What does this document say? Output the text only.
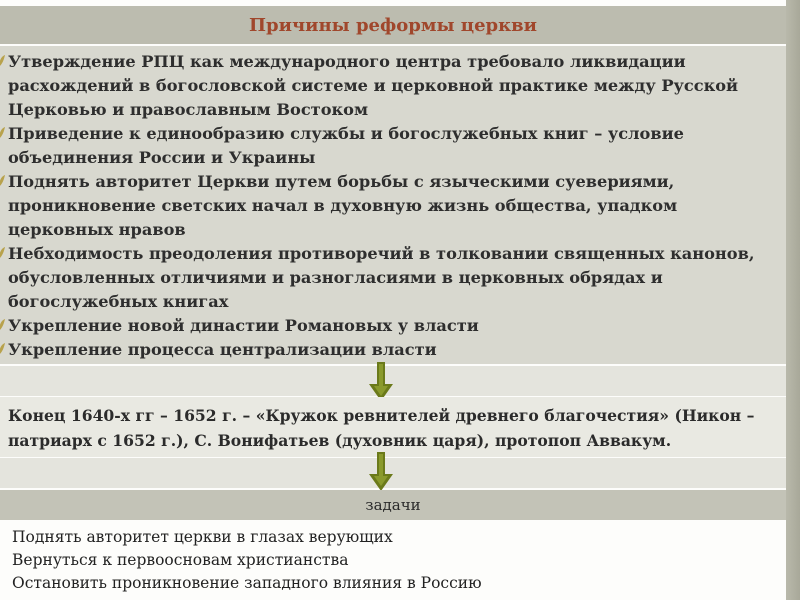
Причины реформы церкви
Утверждение РПЦ как международного центра требовало ликвидации расхождений в богословской системе и церковной практике между Русской Церковью и православным Востоком
Приведение к единообразию службы и богослужебных книг – условие объединения России и Украины
Поднять авторитет Церкви путем борьбы с языческими суевериями, проникновение светских начал в духовную жизнь общества, упадком церковных нравов
Небходимость преодоления противоречий в толковании священных канонов, обусловленных отличиями и разногласиями в церковных обрядах и богослужебных книгах
Укрепление новой династии Романовых у власти
Укрепление процесса централизации власти

Конец 1640-х гг – 1652 г. – «Кружок ревнителей древнего благочестия» (Никон – патриарх с 1652 г.), С. Вонифатьев (духовник царя), протопоп Аввакум.

задачи
Поднять авторитет церкви в глазах верующих
Вернуться к первоосновам христианства
Остановить проникновение западного влияния в Россию
